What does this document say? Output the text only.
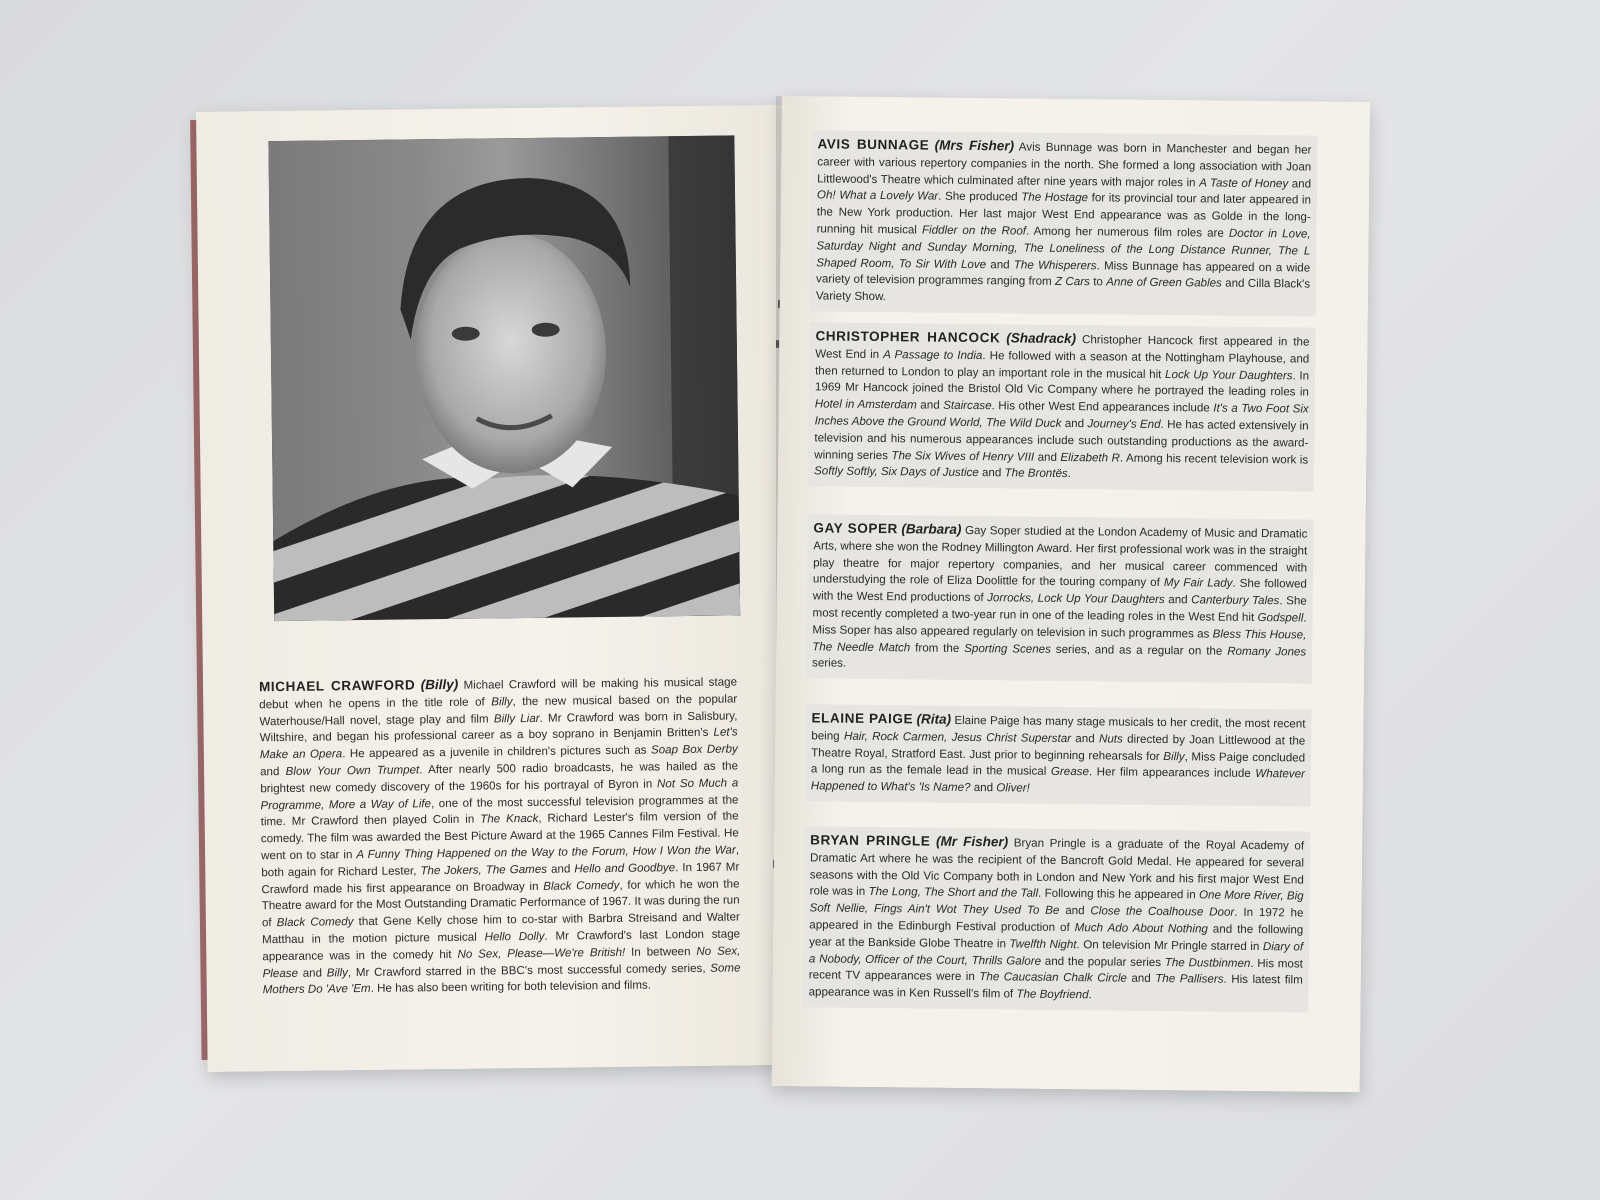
MICHAEL CRAWFORD (Billy) Michael Crawford will be making his musical stage debut when he opens in the title role of Billy, the new musical based on the popular Waterhouse/Hall novel, stage play and film Billy Liar. Mr Crawford was born in Salisbury, Wiltshire, and began his professional career as a boy soprano in Benjamin Britten's Let's Make an Opera. He appeared as a juvenile in children's pictures such as Soap Box Derby and Blow Your Own Trumpet. After nearly 500 radio broadcasts, he was hailed as the brightest new comedy discovery of the 1960s for his portrayal of Byron in Not So Much a Programme, More a Way of Life, one of the most successful television programmes at the time. Mr Crawford then played Colin in The Knack, Richard Lester's film version of the comedy. The film was awarded the Best Picture Award at the 1965 Cannes Film Festival. He went on to star in A Funny Thing Happened on the Way to the Forum, How I Won the War, both again for Richard Lester, The Jokers, The Games and Hello and Goodbye. In 1967 Mr Crawford made his first appearance on Broadway in Black Comedy, for which he won the Theatre award for the Most Outstanding Dramatic Performance of 1967. It was during the run of Black Comedy that Gene Kelly chose him to co-star with Barbra Streisand and Walter Matthau in the motion picture musical Hello Dolly. Mr Crawford's last London stage appearance was in the comedy hit No Sex, Please—We're British! In between No Sex, Please and Billy, Mr Crawford starred in the BBC's most successful comedy series, Some Mothers Do 'Ave 'Em. He has also been writing for both television and films.
AVIS BUNNAGE (Mrs Fisher) Avis Bunnage was born in Manchester and began her career with various repertory companies in the north. She formed a long association with Joan Littlewood's Theatre which culminated after nine years with major roles in A Taste of Honey and Oh! What a Lovely War. She produced The Hostage for its provincial tour and later appeared in the New York production. Her last major West End appearance was as Golde in the long-running hit musical Fiddler on the Roof. Among her numerous film roles are Doctor in Love, Saturday Night and Sunday Morning, The Loneliness of the Long Distance Runner, The L Shaped Room, To Sir With Love and The Whisperers. Miss Bunnage has appeared on a wide variety of television programmes ranging from Z Cars to Anne of Green Gables and Cilla Black's Variety Show.
CHRISTOPHER HANCOCK (Shadrack) Christopher Hancock first appeared in the West End in A Passage to India. He followed with a season at the Nottingham Playhouse, and then returned to London to play an important role in the musical hit Lock Up Your Daughters. In 1969 Mr Hancock joined the Bristol Old Vic Company where he portrayed the leading roles in Hotel in Amsterdam and Staircase. His other West End appearances include It's a Two Foot Six Inches Above the Ground World, The Wild Duck and Journey's End. He has acted extensively in television and his numerous appearances include such outstanding productions as the award-winning series The Six Wives of Henry VIII and Elizabeth R. Among his recent television work is Softly Softly, Six Days of Justice and The Brontës.
GAY SOPER (Barbara) Gay Soper studied at the London Academy of Music and Dramatic Arts, where she won the Rodney Millington Award. Her first professional work was in the straight play theatre for major repertory companies, and her musical career commenced with understudying the role of Eliza Doolittle for the touring company of My Fair Lady. She followed with the West End productions of Jorrocks, Lock Up Your Daughters and Canterbury Tales. She most recently completed a two-year run in one of the leading roles in the West End hit Godspell. Miss Soper has also appeared regularly on television in such programmes as Bless This House, The Needle Match from the Sporting Scenes series, and as a regular on the Romany Jones series.
ELAINE PAIGE (Rita) Elaine Paige has many stage musicals to her credit, the most recent being Hair, Rock Carmen, Jesus Christ Superstar and Nuts directed by Joan Littlewood at the Theatre Royal, Stratford East. Just prior to beginning rehearsals for Billy, Miss Paige concluded a long run as the female lead in the musical Grease. Her film appearances include Whatever Happened to What's 'Is Name? and Oliver!
BRYAN PRINGLE (Mr Fisher) Bryan Pringle is a graduate of the Royal Academy of Dramatic Art where he was the recipient of the Bancroft Gold Medal. He appeared for several seasons with the Old Vic Company both in London and New York and his first major West End role was in The Long, The Short and the Tall. Following this he appeared in One More River, Big Soft Nellie, Fings Ain't Wot They Used To Be and Close the Coalhouse Door. In 1972 he appeared in the Edinburgh Festival production of Much Ado About Nothing and the following year at the Bankside Globe Theatre in Twelfth Night. On television Mr Pringle starred in Diary of a Nobody, Officer of the Court, Thrills Galore and the popular series The Dustbinmen. His most recent TV appearances were in The Caucasian Chalk Circle and The Pallisers. His latest film appearance was in Ken Russell's film of The Boyfriend.
